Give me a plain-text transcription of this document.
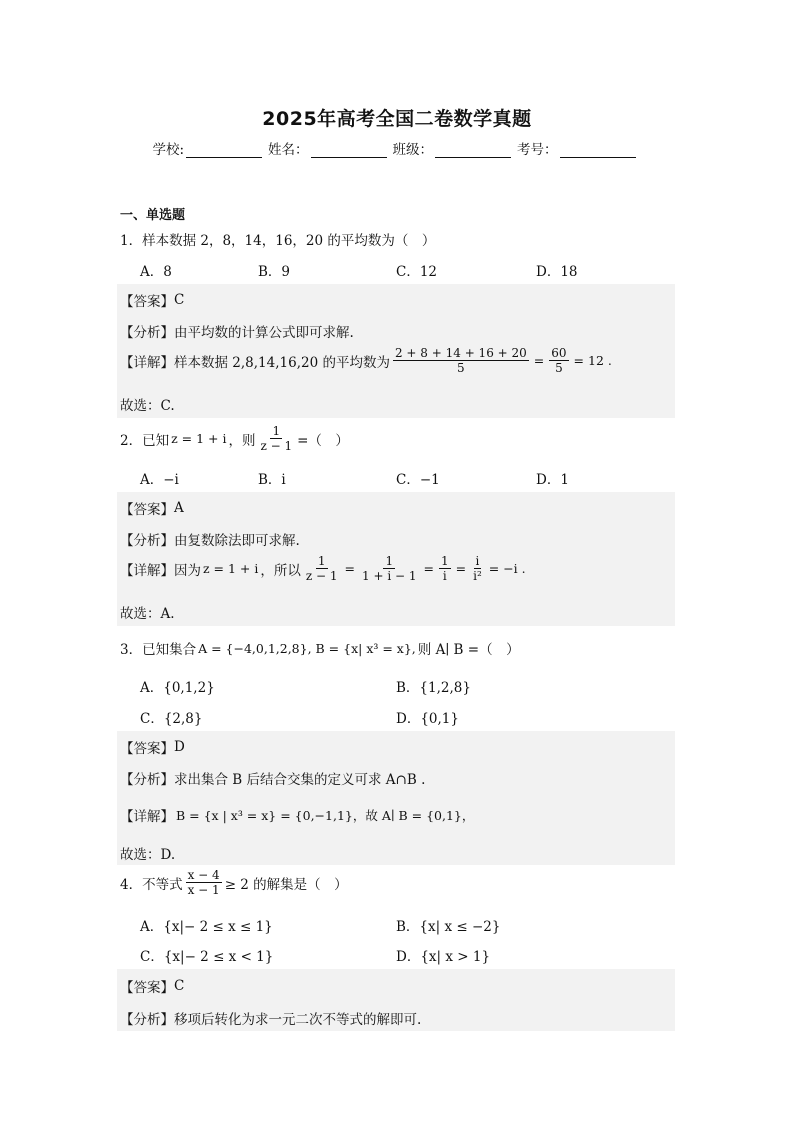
2025年高考全国二卷数学真题
学校:	姓名：	班级：	考号：
一、单选题
1．样本数据 2，8，14，16，20 的平均数为（　）
A．8	B．9	C．12	D．18
【答案】 C
【分析】 由平均数的计算公式即可求解.
【详解】 样本数据 2,8,14,16,20 的平均数为 $\frac{2 + 8 + 14 + 16 + 20}{5} = \frac{60}{5} = 12$ .
故选：C.
2．已知 z = 1 + i ，则 $\frac{1}{z - 1}$ =（　）
A．−i	B．i	C．−1	D．1
【答案】 A
【分析】 由复数除法即可求解.
【详解】 因为 z = 1 + i ，所以 $\frac{1}{z - 1} = \frac{1}{1 + i - 1} = \frac{1}{i} = \frac{i}{\text{i²}} = -i$ .
故选：A.
3．已知集合 A = {−4,0,1,2,8}, B = {x| x³ = x}, 则 A∣ B =（　）
A．{0,1,2}	B．{1,2,8}
C．{2,8}	D．{0,1}
【答案】 D
【分析】 求出集合 B 后结合交集的定义可求 A∩B .
【详解】 B = {x | x³ = x} = {0,−1,1}，故 A∣ B = {0,1}，
故选：D.
4．不等式 $\frac{x - 4}{x - 1} \ge 2$ 的解集是（　）
A．{x|− 2 ≤ x ≤ 1}	B．{x| x ≤ −2}
C．{x|− 2 ≤ x < 1}	D．{x| x > 1}
【答案】 C
【分析】 移项后转化为求一元二次不等式的解即可.
